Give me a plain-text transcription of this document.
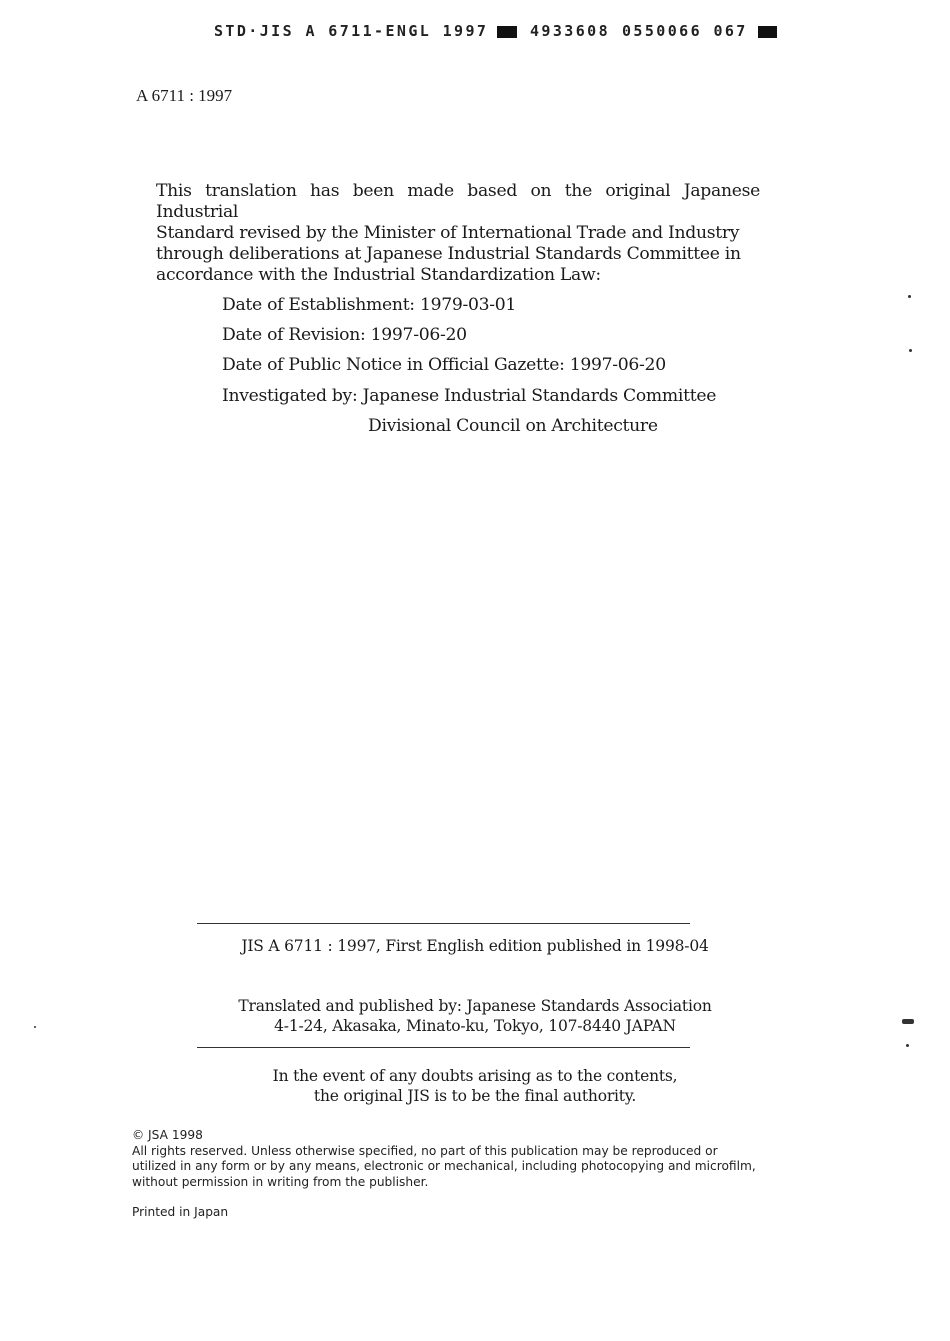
STD·JIS A 6711-ENGL 1997	4933608 0550066 067
A 6711 : 1997
This translation has been made based on the original Japanese Industrial
Standard revised by the Minister of International Trade and Industry
through deliberations at Japanese Industrial Standards Committee in
accordance with the Industrial Standardization Law:
Date of Establishment: 1979-03-01
Date of Revision: 1997-06-20
Date of Public Notice in Official Gazette: 1997-06-20
Investigated by: Japanese Industrial Standards Committee
Divisional Council on Architecture
JIS A 6711 : 1997, First English edition published in 1998-04
Translated and published by: Japanese Standards Association
4-1-24, Akasaka, Minato-ku, Tokyo, 107-8440 JAPAN
In the event of any doubts arising as to the contents,
the original JIS is to be the final authority.
© JSA 1998
All rights reserved. Unless otherwise specified, no part of this publication may be reproduced or
utilized in any form or by any means, electronic or mechanical, including photocopying and microfilm,
without permission in writing from the publisher.
Printed in Japan
